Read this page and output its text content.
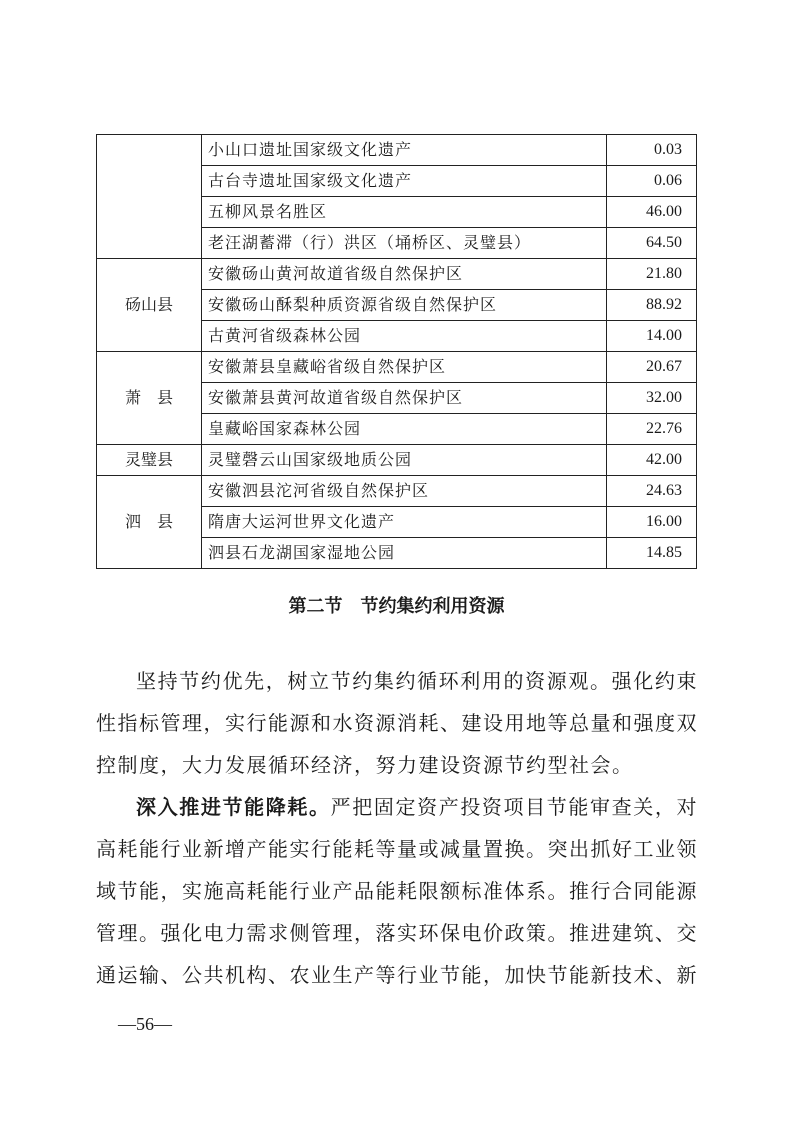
	小山口遗址国家级文化遗产	0.03
	古台寺遗址国家级文化遗产	0.06
	五柳风景名胜区	46.00
	老汪湖蓄滞（行）洪区（埇桥区、灵璧县）	64.50
砀山县	安徽砀山黄河故道省级自然保护区	21.80
	安徽砀山酥梨种质资源省级自然保护区	88.92
	古黄河省级森林公园	14.00
萧　县	安徽萧县皇藏峪省级自然保护区	20.67
	安徽萧县黄河故道省级自然保护区	32.00
	皇藏峪国家森林公园	22.76
灵璧县	灵璧磬云山国家级地质公园	42.00
泗　县	安徽泗县沱河省级自然保护区	24.63
	隋唐大运河世界文化遗产	16.00
	泗县石龙湖国家湿地公园	14.85
第二节　节约集约利用资源

坚持节约优先，树立节约集约循环利用的资源观。强化约束性指标管理，实行能源和水资源消耗、建设用地等总量和强度双控制度，大力发展循环经济，努力建设资源节约型社会。

深入推进节能降耗。严把固定资产投资项目节能审查关，对高耗能行业新增产能实行能耗等量或减量置换。突出抓好工业领域节能，实施高耗能行业产品能耗限额标准体系。推行合同能源管理。强化电力需求侧管理，落实环保电价政策。推进建筑、交通运输、公共机构、农业生产等行业节能，加快节能新技术、新

—56—
